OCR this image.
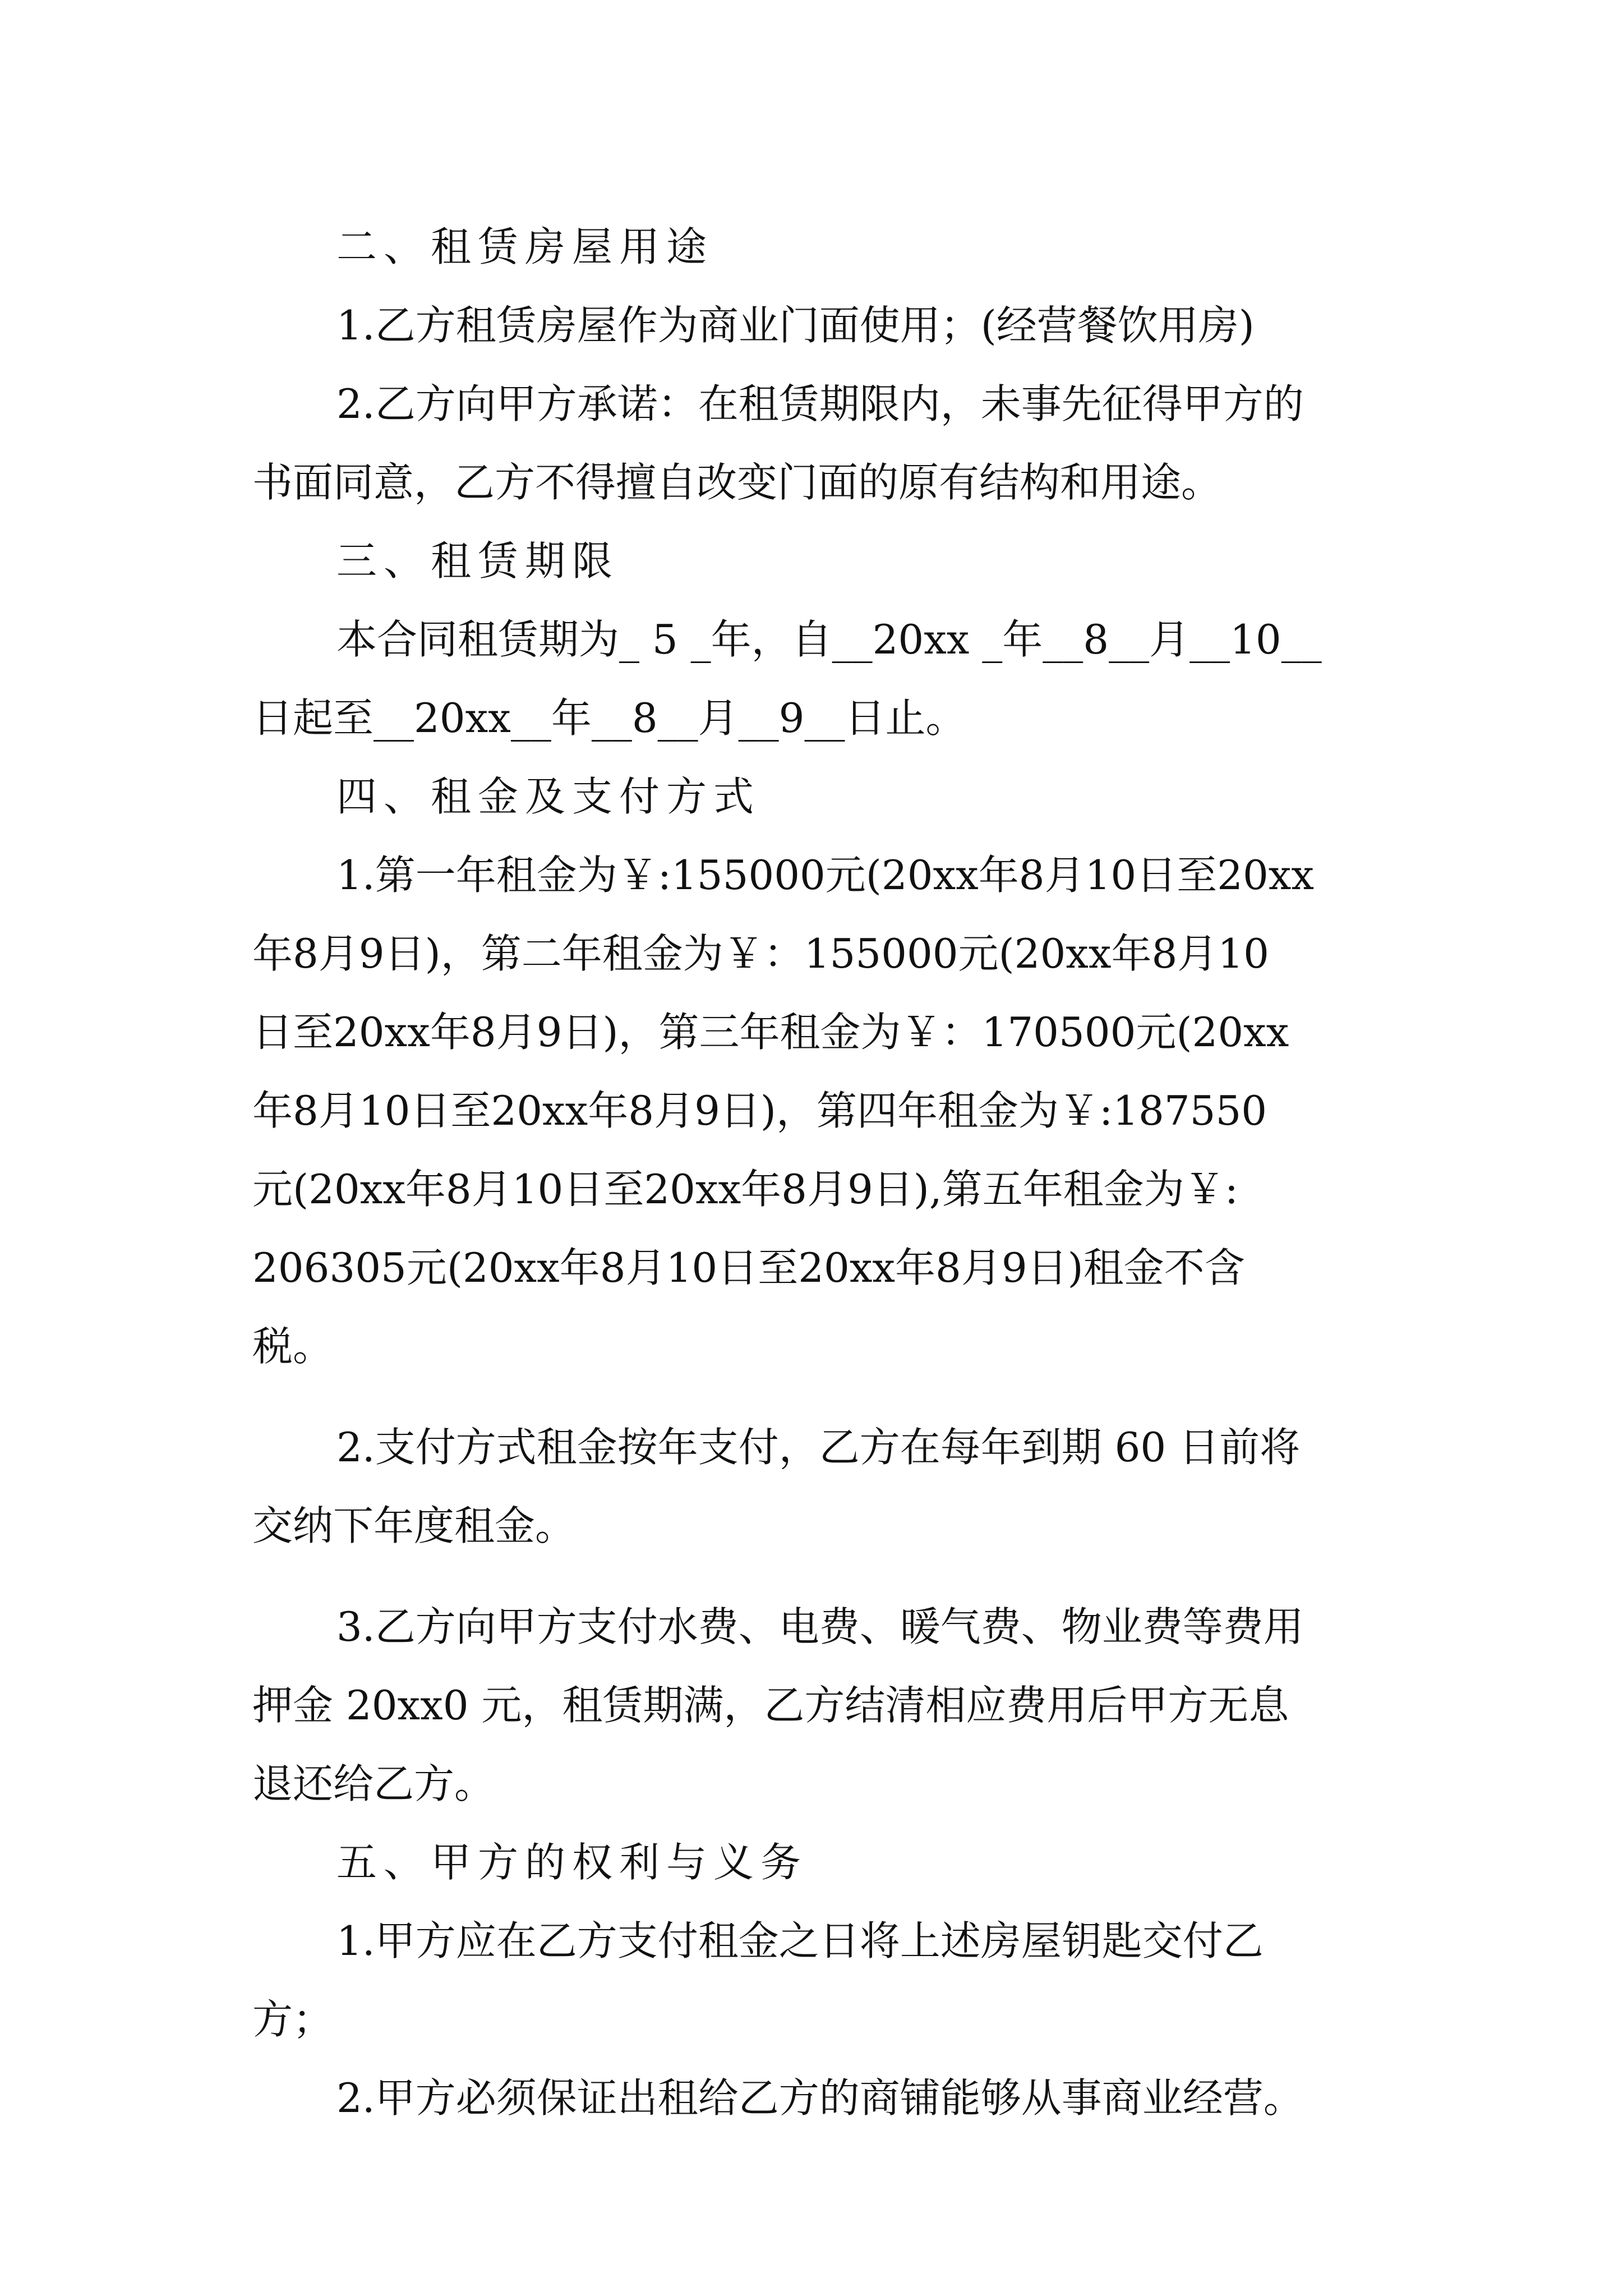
二、租赁房屋用途
1.乙方租赁房屋作为商业门面使用；(经营餐饮用房)
2.乙方向甲方承诺：在租赁期限内，未事先征得甲方的
书面同意，乙方不得擅自改变门面的原有结构和用途。
三、租赁期限
本合同租赁期为_ 5 _年，自__20xx _年__8__月__10__
日起至__20xx__年__8__月__9__日止。
四、租金及支付方式
1.第一年租金为￥:155000元(20xx年8月10日至20xx
年8月9日)，第二年租金为￥：155000元(20xx年8月10
日至20xx年8月9日)，第三年租金为￥：170500元(20xx
年8月10日至20xx年8月9日)，第四年租金为￥:187550
元(20xx年8月10日至20xx年8月9日),第五年租金为￥:
206305元(20xx年8月10日至20xx年8月9日)租金不含
税。
2.支付方式租金按年支付，乙方在每年到期 60 日前将
交纳下年度租金。
3.乙方向甲方支付水费、电费、暖气费、物业费等费用
押金 20xx0 元，租赁期满，乙方结清相应费用后甲方无息
退还给乙方。
五、甲方的权利与义务
1.甲方应在乙方支付租金之日将上述房屋钥匙交付乙
方；
2.甲方必须保证出租给乙方的商铺能够从事商业经营。
